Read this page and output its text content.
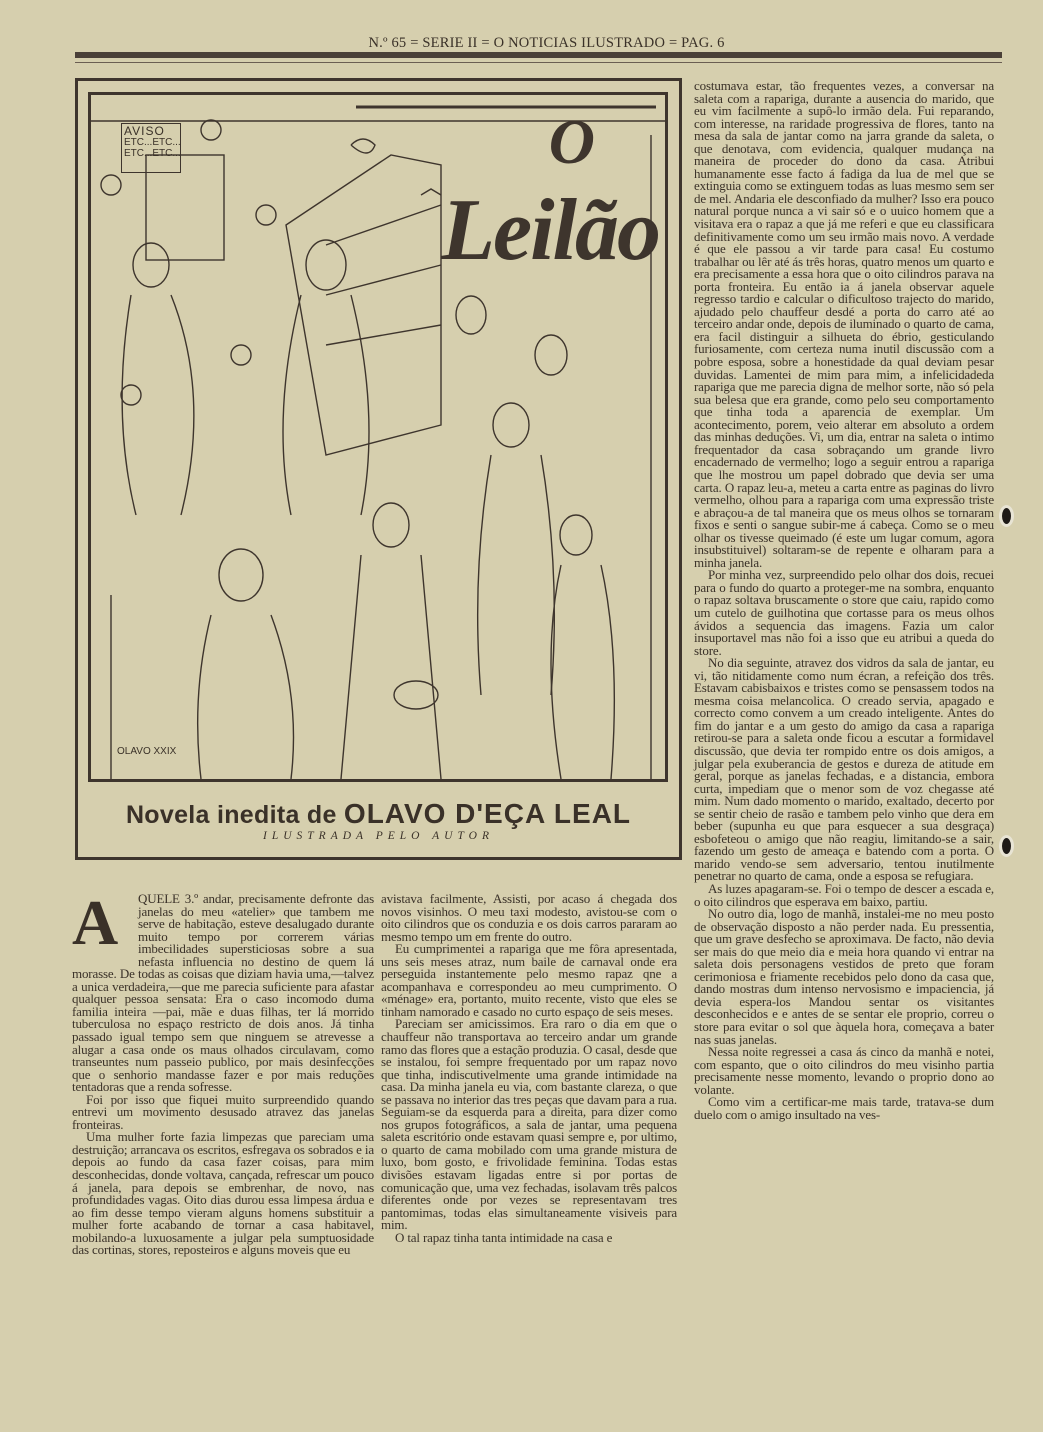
N.º 65 = SERIE II = O NOTICIAS ILUSTRADO = PAG. 6
AVISO
ETC...ETC...
ETC...ETC...	O
Leilão
OLAVO XXIX
Novela inedita de OLAVO D'EÇA LEAL
ILUSTRADA PELO AUTOR
A	QUELE 3.º andar, precisamente defronte das janelas do meu «atelier» que tambem me serve de habitação, esteve desalugado durante muito tempo por correrem várias imbecilidades supersticiosas sobre a sua nefasta influencia no destino de quem lá morasse. De todas as coisas que diziam havia uma,—talvez a unica verdadeira,—que me parecia suficiente para afastar qualquer pessoa sensata: Era o caso incomodo duma familia inteira —pai, mãe e duas filhas, ter lá morrido tuberculosa no espaço restricto de dois anos. Já tinha passado igual tempo sem que ninguem se atrevesse a alugar a casa onde os maus olhados circulavam, como transeuntes num passeio publico, por mais desinfecções que o senhorio mandasse fazer e por mais reduções tentadoras que a renda sofresse.

Foi por isso que fiquei muito surpreendido quando entrevi um movimento desusado atravez das janelas fronteiras.

Uma mulher forte fazia limpezas que pareciam uma destruição; arrancava os escritos, esfregava os sobrados e ia depois ao fundo da casa fazer coisas, para mim desconhecidas, donde voltava, cançada, refrescar um pouco á janela, para depois se embrenhar, de novo, nas profundidades vagas. Oito dias durou essa limpesa árdua e ao fim desse tempo vieram alguns homens substituir a mulher forte acabando de tornar a casa habitavel, mobilando-a luxuosamente a julgar pela sumptuosidade das cortinas, stores, reposteiros e alguns moveis que eu

avistava facilmente, Assisti, por acaso á chegada dos novos visinhos. O meu taxi modesto, avistou-se com o oito cilindros que os conduzia e os dois carros pararam ao mesmo tempo um em frente do outro.

Eu cumprimentei a rapariga que me fôra apresentada, uns seis meses atraz, num baile de carnaval onde era perseguida instantemente pelo mesmo rapaz qne a acompanhava e correspondeu ao meu cumprimento. O «ménage» era, portanto, muito recente, visto que eles se tinham namorado e casado no curto espaço de seis meses.

Pareciam ser amicissimos. Era raro o dia em que o chauffeur não transportava ao terceiro andar um grande ramo das flores que a estação produzia. O casal, desde que se instalou, foi sempre frequentado por um rapaz novo que tinha, indiscutivelmente uma grande intimidade na casa. Da minha janela eu via, com bastante clareza, o que se passava no interior das tres peças que davam para a rua. Seguiam-se da esquerda para a direita, para dizer como nos grupos fotográficos, a sala de jantar, uma pequena saleta escritório onde estavam quasi sempre e, por ultimo, o quarto de cama mobilado com uma grande mistura de luxo, bom gosto, e frivolidade feminina. Todas estas divisões estavam ligadas entre si por portas de comunicação que, uma vez fechadas, isolavam três palcos diferentes onde por vezes se representavam tres pantomimas, todas elas simultaneamente visiveis para mim.

O tal rapaz tinha tanta intimidade na casa e

costumava estar, tão frequentes vezes, a conversar na saleta com a rapariga, durante a ausencia do marido, que eu vim facilmente a supô-lo irmão dela. Fui reparando, com interesse, na raridade progressiva de flores, tanto na mesa da sala de jantar como na jarra grande da saleta, o que denotava, com evidencia, qualquer mudança na maneira de proceder do dono da casa. Atribui humanamente esse facto á fadiga da lua de mel que se extinguia como se extinguem todas as luas mesmo sem ser de mel. Andaria ele desconfiado da mulher? Isso era pouco natural porque nunca a vi sair só e o uuico homem que a visitava era o rapaz a que já me referi e que eu classificara definitivamente como um seu irmão mais novo. A verdade é que ele passou a vir tarde para casa! Eu costumo trabalhar ou lêr até ás três horas, quatro menos um quarto e era precisamente a essa hora que o oito cilindros parava na porta fronteira. Eu então ia á janela observar aquele regresso tardio e calcular o dificultoso trajecto do marido, ajudado pelo chauffeur desdé a porta do carro até ao terceiro andar onde, depois de iluminado o quarto de cama, era facil distinguir a silhueta do ébrio, gesticulando furiosamente, com certeza numa inutil discussão com a pobre esposa, sobre a honestidade da qual deviam pesar duvidas. Lamentei de mim para mim, a infelicidadeda rapariga que me parecia digna de melhor sorte, não só pela sua belesa que era grande, como pelo seu comportamento que tinha toda a aparencia de exemplar. Um acontecimento, porem, veio alterar em absoluto a ordem das minhas deduções. Vi, um dia, entrar na saleta o intimo frequentador da casa sobraçando um grande livro encadernado de vermelho; logo a seguir entrou a rapariga que lhe mostrou um papel dobrado que devia ser uma carta. O rapaz leu-a, meteu a carta entre as paginas do livro vermelho, olhou para a rapariga com uma expressão triste e abraçou-a de tal maneira que os meus olhos se tornaram fixos e senti o sangue subir-me á cabeça. Como se o meu olhar os tivesse queimado (é este um lugar comum, agora insubstituivel) soltaram-se de repente e olharam para a minha janela.

Por minha vez, surpreendido pelo olhar dos dois, recuei para o fundo do quarto a proteger-me na sombra, enquanto o rapaz soltava bruscamente o store que caiu, rapido como um cutelo de guilhotina que cortasse para os meus olhos ávidos a sequencia das imagens. Fazia um calor insuportavel mas não foi a isso que eu atribui a queda do store.

No dia seguinte, atravez dos vidros da sala de jantar, eu vi, tão nitidamente como num écran, a refeição dos três. Estavam cabisbaixos e tristes como se pensassem todos na mesma coisa melancolica. O creado servia, apagado e correcto como convem a um creado inteligente. Antes do fim do jantar e a um gesto do amigo da casa a rapariga retirou-se para a saleta onde ficou a escutar a formidavel discussão, que devia ter rompido entre os dois amigos, a julgar pela exuberancia de gestos e dureza de atitude em geral, porque as janelas fechadas, e a distancia, embora curta, impediam que o menor som de voz chegasse até mim. Num dado momento o marido, exaltado, decerto por se sentir cheio de rasão e tambem pelo vinho que dera em beber (supunha eu que para esquecer a sua desgraça) esbofeteou o amigo que não reagiu, limitando-se a sair, fazendo um gesto de ameaça e batendo com a porta. O marido vendo-se sem adversario, tentou inutilmente penetrar no quarto de cama, onde a esposa se refugiara.

As luzes apagaram-se. Foi o tempo de descer a escada e, o oito cilindros que esperava em baixo, partiu.

No outro dia, logo de manhã, instalei-me no meu posto de observação disposto a não perder nada. Eu pressentia, que um grave desfecho se aproximava. De facto, não devia ser mais do que meio dia e meia hora quando vi entrar na saleta dois personagens vestidos de preto que foram cerimoniosa e friamente recebidos pelo dono da casa que, dando mostras dum intenso nervosismo e impaciencia, já devia espera-los Mandou sentar os visitantes desconhecidos e e antes de se sentar ele proprio, correu o store para evitar o sol que àquela hora, começava a bater nas suas janelas.

Nessa noite regressei a casa ás cinco da manhã e notei, com espanto, que o oito cilindros do meu visinho partia precisamente nesse momento, levando o proprio dono ao volante.

Como vim a certificar-me mais tarde, tratava-se dum duelo com o amigo insultado na ves-
